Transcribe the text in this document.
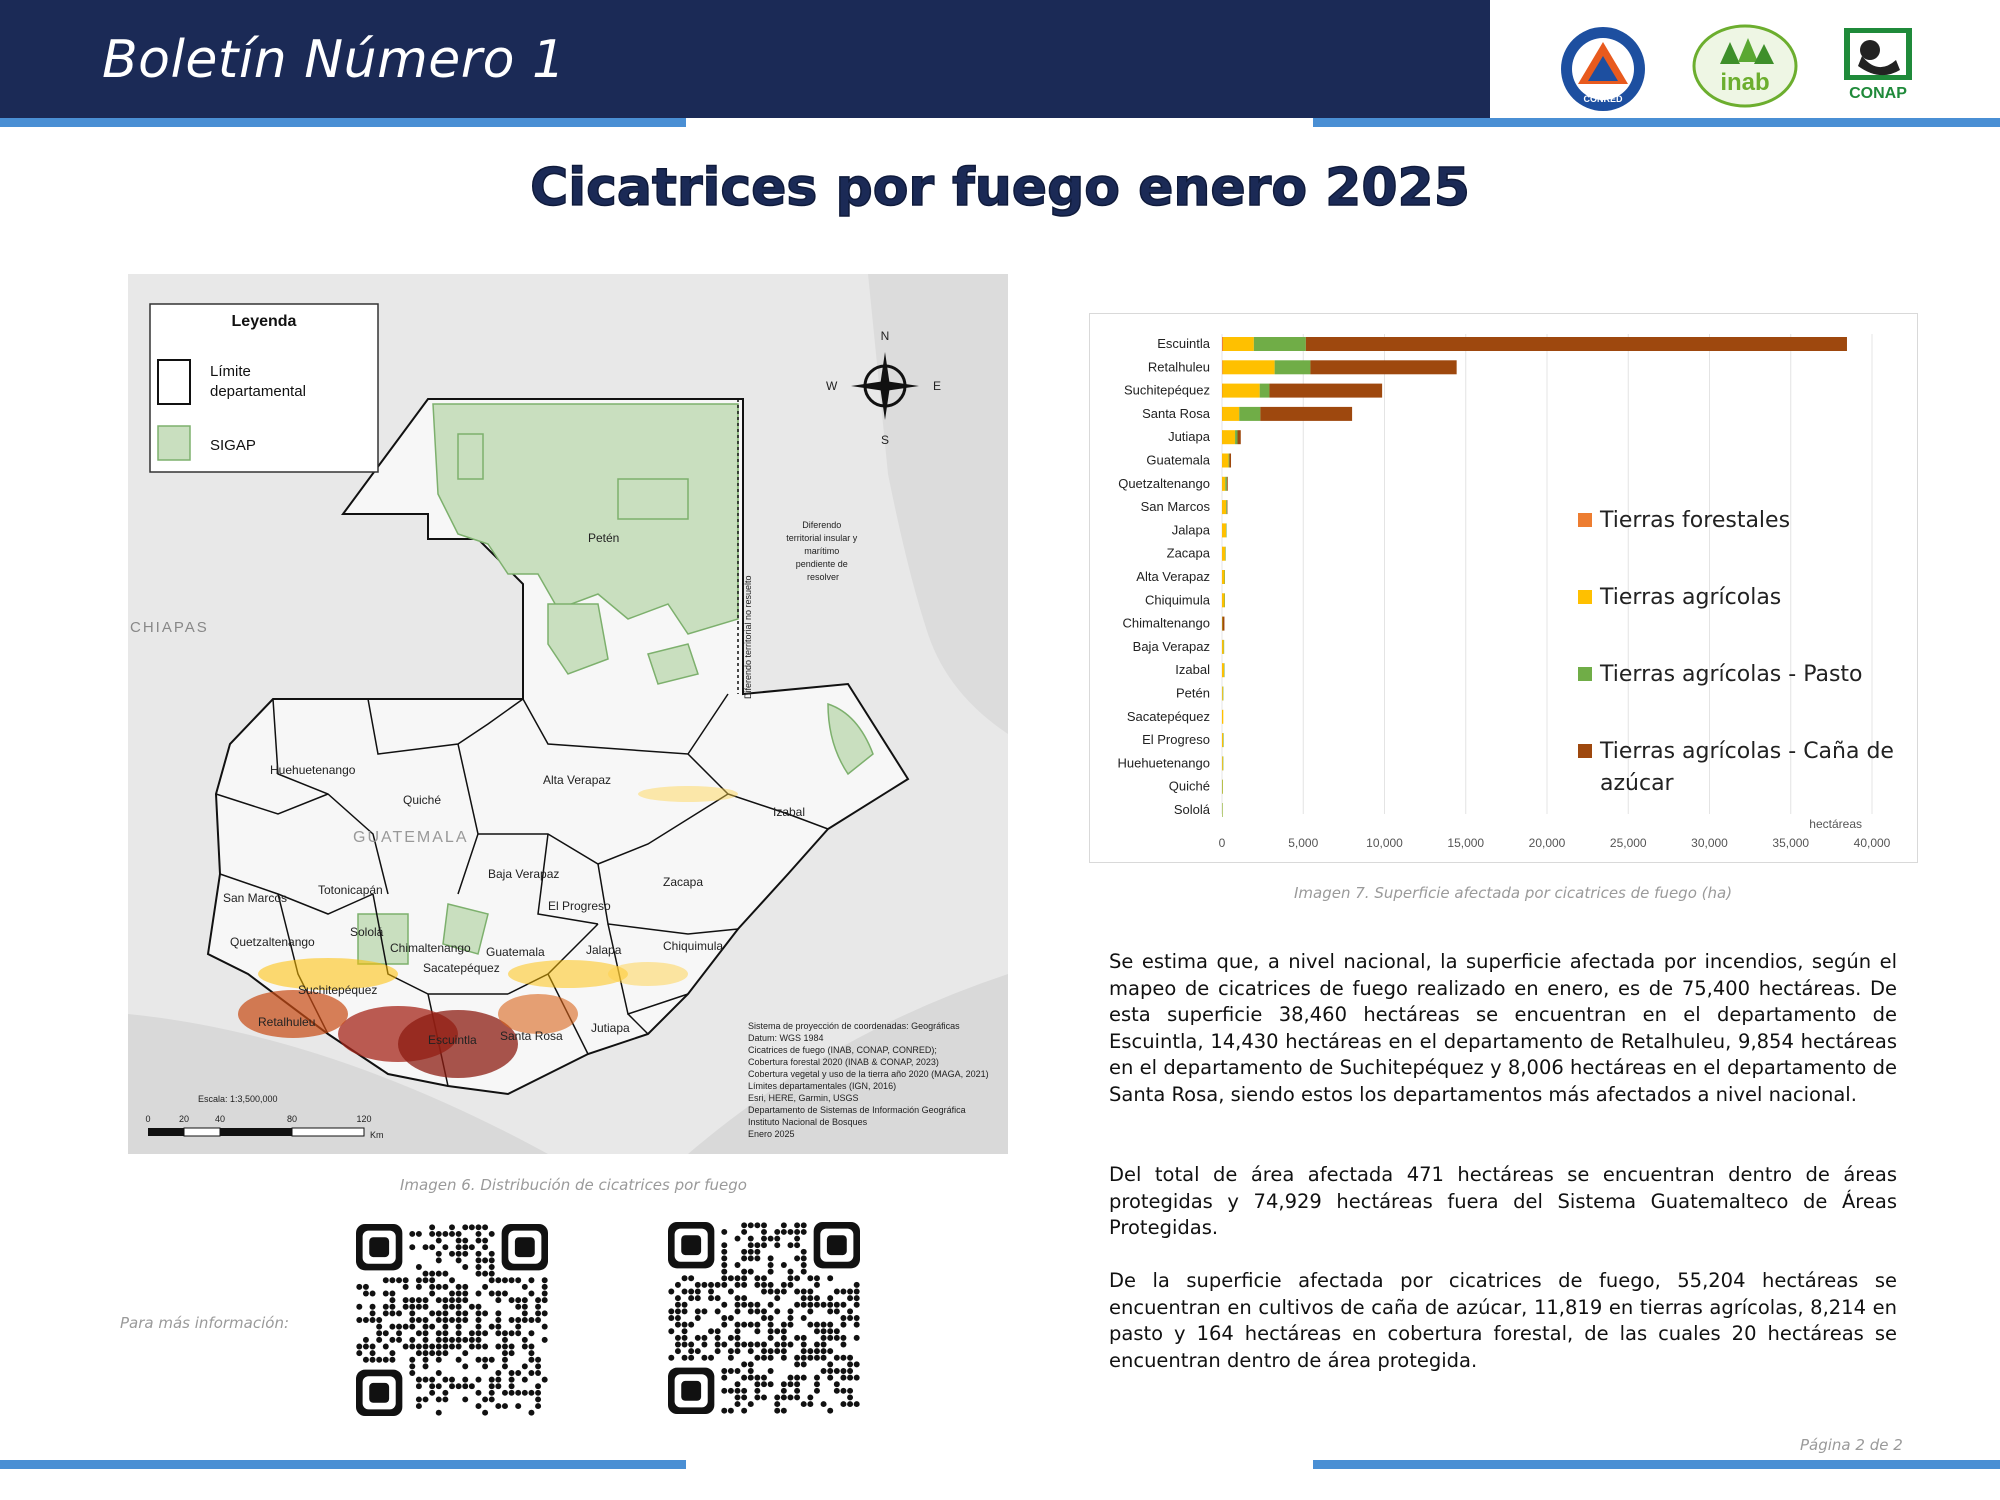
Boletín Número 1
CONRED
inab	CONAP
Cicatrices por fuego enero 2025
Leyenda
Límite
departamental
SIGAP
N
S
E
W
Diferendo territorial insular y marítimo pendiente de resolver
Diferendo territorial no resuelto
CHIAPAS
GUATEMALA
Petén
Huehuetenango
Quiché
Alta Verapaz
Izabal
Baja Verapaz
Zacapa
El Progreso
Chiquimula
Jalapa
Totonicapán
San Marcos
Quetzaltenango
Sololá
Chimaltenango Guatemala
Sacatepéquez
Suchitepéquez
Santa Rosa
Jutiapa
Escuintla
Retalhuleu
Escala: 1:3,500,000
0	20	40	80	120
Km
Sistema de proyección de coordenadas: Geográficas Datum: WGS 1984 Cicatrices de fuego (INAB, CONAP, CONRED); Cobertura forestal 2020 (INAB & CONAP, 2023) Cobertura vegetal y uso de la tierra año 2020 (MAGA, 2021) Límites departamentales (IGN, 2016) Esri, HERE, Garmin, USGS Departamento de Sistemas de Información Geográfica Instituto Nacional de Bosques Enero 2025
Imagen 6. Distribución de cicatrices por fuego
Escuintla
Retalhuleu
Suchitepéquez
Santa Rosa
Jutiapa
Guatemala
Quetzaltenango
San Marcos
Jalapa
Zacapa
Alta Verapaz
Chiquimula
Chimaltenango
Baja Verapaz
Izabal
Petén
Sacatepéquez
El Progreso
Huehuetenango
Quiché
Sololá
0	5,000	10,000	15,000	20,000	25,000	30,000	35,000	40,000
hectáreas
Tierras forestales
Tierras agrícolas
Tierras agrícolas - Pasto
Tierras agrícolas - Caña de azúcar
Imagen 7. Superficie afectada por cicatrices de fuego (ha)
Se estima que, a nivel nacional, la superficie afectada por incendios, según el mapeo de cicatrices de fuego realizado en enero, es de 75,400 hectáreas. De esta superficie 38,460 hectáreas se encuentran en el departamento de Escuintla, 14,430 hectáreas en el departamento de Retalhuleu, 9,854 hectáreas en el departamento de Suchitepéquez y 8,006 hectáreas en el departamento de Santa Rosa, siendo estos los departamentos más afectados a nivel nacional.
Del total de área afectada 471 hectáreas se encuentran dentro de áreas protegidas y 74,929 hectáreas fuera del Sistema Guatemalteco de Áreas Protegidas.
De la superficie afectada por cicatrices de fuego, 55,204 hectáreas se encuentran en cultivos de caña de azúcar, 11,819 en tierras agrícolas, 8,214 en pasto y 164 hectáreas en cobertura forestal, de las cuales 20 hectáreas se encuentran dentro de área protegida.
Para más información:
Página 2 de 2
